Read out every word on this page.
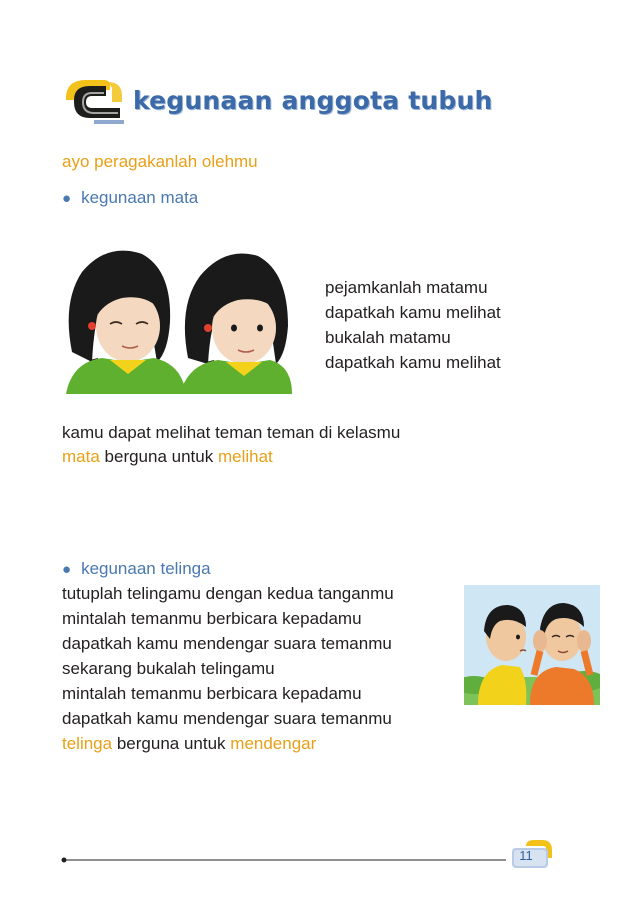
kegunaan anggota tubuh
ayo peragakanlah olehmu
● kegunaan mata
pejamkanlah matamu
dapatkah kamu melihat
bukalah matamu
dapatkah kamu melihat
kamu dapat melihat teman teman di kelasmu
mata berguna untuk melihat
● kegunaan telinga
tutuplah telingamu dengan kedua tanganmu
mintalah temanmu berbicara kepadamu
dapatkah kamu mendengar suara temanmu
sekarang bukalah telingamu
mintalah temanmu berbicara kepadamu
dapatkah kamu mendengar suara temanmu
telinga berguna untuk mendengar
11
